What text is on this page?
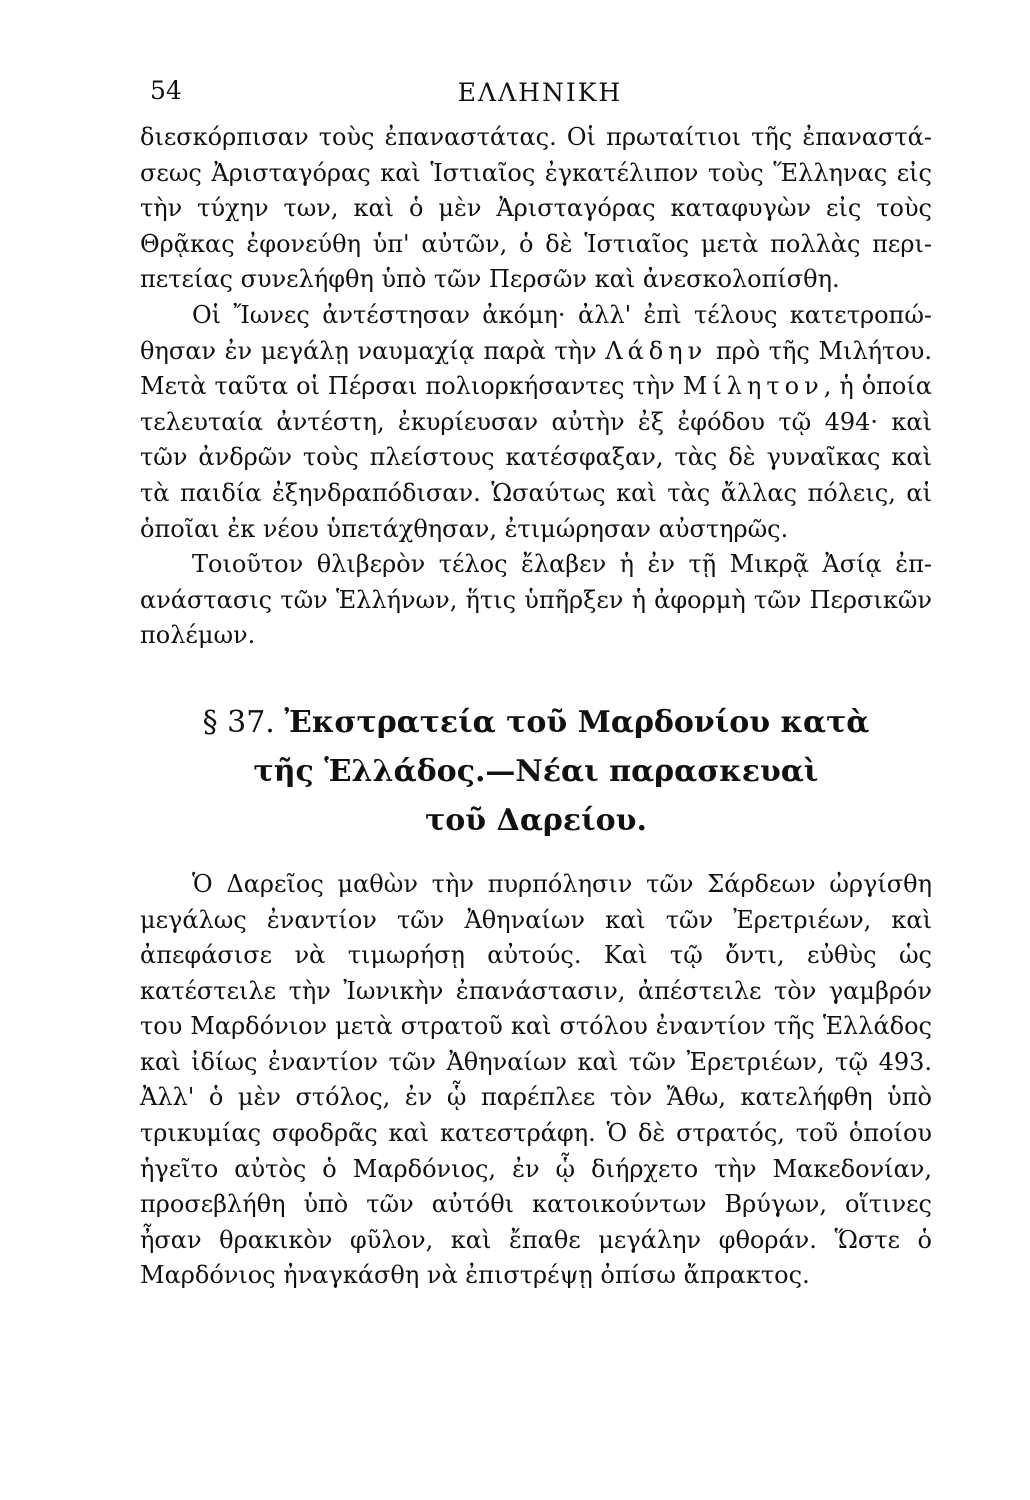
54	ΕΛΛΗΝΙΚΗ

διεσκόρπισαν τοὺς ἐπαναστάτας. Οἱ πρωταίτιοι τῆς ἐπαναστάσεως Ἀρισταγόρας καὶ Ἱστιαῖος ἐγκατέλιπον τοὺς Ἕλληνας εἰς τὴν τύχην των, καὶ ὁ μὲν Ἀρισταγόρας καταφυγὼν εἰς τοὺς Θρᾷκας ἐφονεύθη ὑπ' αὐτῶν, ὁ δὲ Ἱστιαῖος μετὰ πολλὰς περιπετείας συνελήφθη ὑπὸ τῶν Περσῶν καὶ ἀνεσκολοπίσθη.

Οἱ Ἴωνες ἀντέστησαν ἀκόμη· ἀλλ' ἐπὶ τέλους κατετροπώθησαν ἐν μεγάλῃ ναυμαχίᾳ παρὰ τὴν Λάδην πρὸ τῆς Μιλήτου. Μετὰ ταῦτα οἱ Πέρσαι πολιορκήσαντες τὴν Μίλητον, ἡ ὁποία τελευταία ἀντέστη, ἐκυρίευσαν αὐτὴν ἐξ ἐφόδου τῷ 494· καὶ τῶν ἀνδρῶν τοὺς πλείστους κατέσφαξαν, τὰς δὲ γυναῖκας καὶ τὰ παιδία ἐξηνδραπόδισαν. Ὡσαύτως καὶ τὰς ἄλλας πόλεις, αἱ ὁποῖαι ἐκ νέου ὑπετάχθησαν, ἐτιμώρησαν αὐστηρῶς.

Τοιοῦτον θλιβερὸν τέλος ἔλαβεν ἡ ἐν τῇ Μικρᾷ Ἀσίᾳ ἐπανάστασις τῶν Ἑλλήνων, ἥτις ὑπῆρξεν ἡ ἀφορμὴ τῶν Περσικῶν πολέμων.

§ 37. Ἐκστρατεία τοῦ Μαρδονίου κατὰ
τῆς Ἑλλάδος.—Νέαι παρασκευαὶ
τοῦ Δαρείου.

Ὁ Δαρεῖος μαθὼν τὴν πυρπόλησιν τῶν Σάρδεων ὠργίσθη μεγάλως ἐναντίον τῶν Ἀθηναίων καὶ τῶν Ἐρετριέων, καὶ ἀπεφάσισε νὰ τιμωρήσῃ αὐτούς. Καὶ τῷ ὄντι, εὐθὺς ὡς κατέστειλε τὴν Ἰωνικὴν ἐπανάστασιν, ἀπέστειλε τὸν γαμβρόν του Μαρδόνιον μετὰ στρατοῦ καὶ στόλου ἐναντίον τῆς Ἑλλάδος καὶ ἰδίως ἐναντίον τῶν Ἀθηναίων καὶ τῶν Ἐρετριέων, τῷ 493. Ἀλλ' ὁ μὲν στόλος, ἐν ᾧ παρέπλεε τὸν Ἄθω, κατελήφθη ὑπὸ τρικυμίας σφοδρᾶς καὶ κατεστράφη. Ὁ δὲ στρατός, τοῦ ὁποίου ἡγεῖτο αὐτὸς ὁ Μαρδόνιος, ἐν ᾧ διήρχετο τὴν Μακεδονίαν, προσεβλήθη ὑπὸ τῶν αὐτόθι κατοικούντων Βρύγων, οἵτινες ἦσαν θρακικὸν φῦλον, καὶ ἔπαθε μεγάλην φθοράν. Ὥστε ὁ Μαρδόνιος ἠναγκάσθη νὰ ἐπιστρέψῃ ὀπίσω ἄπρακτος.
